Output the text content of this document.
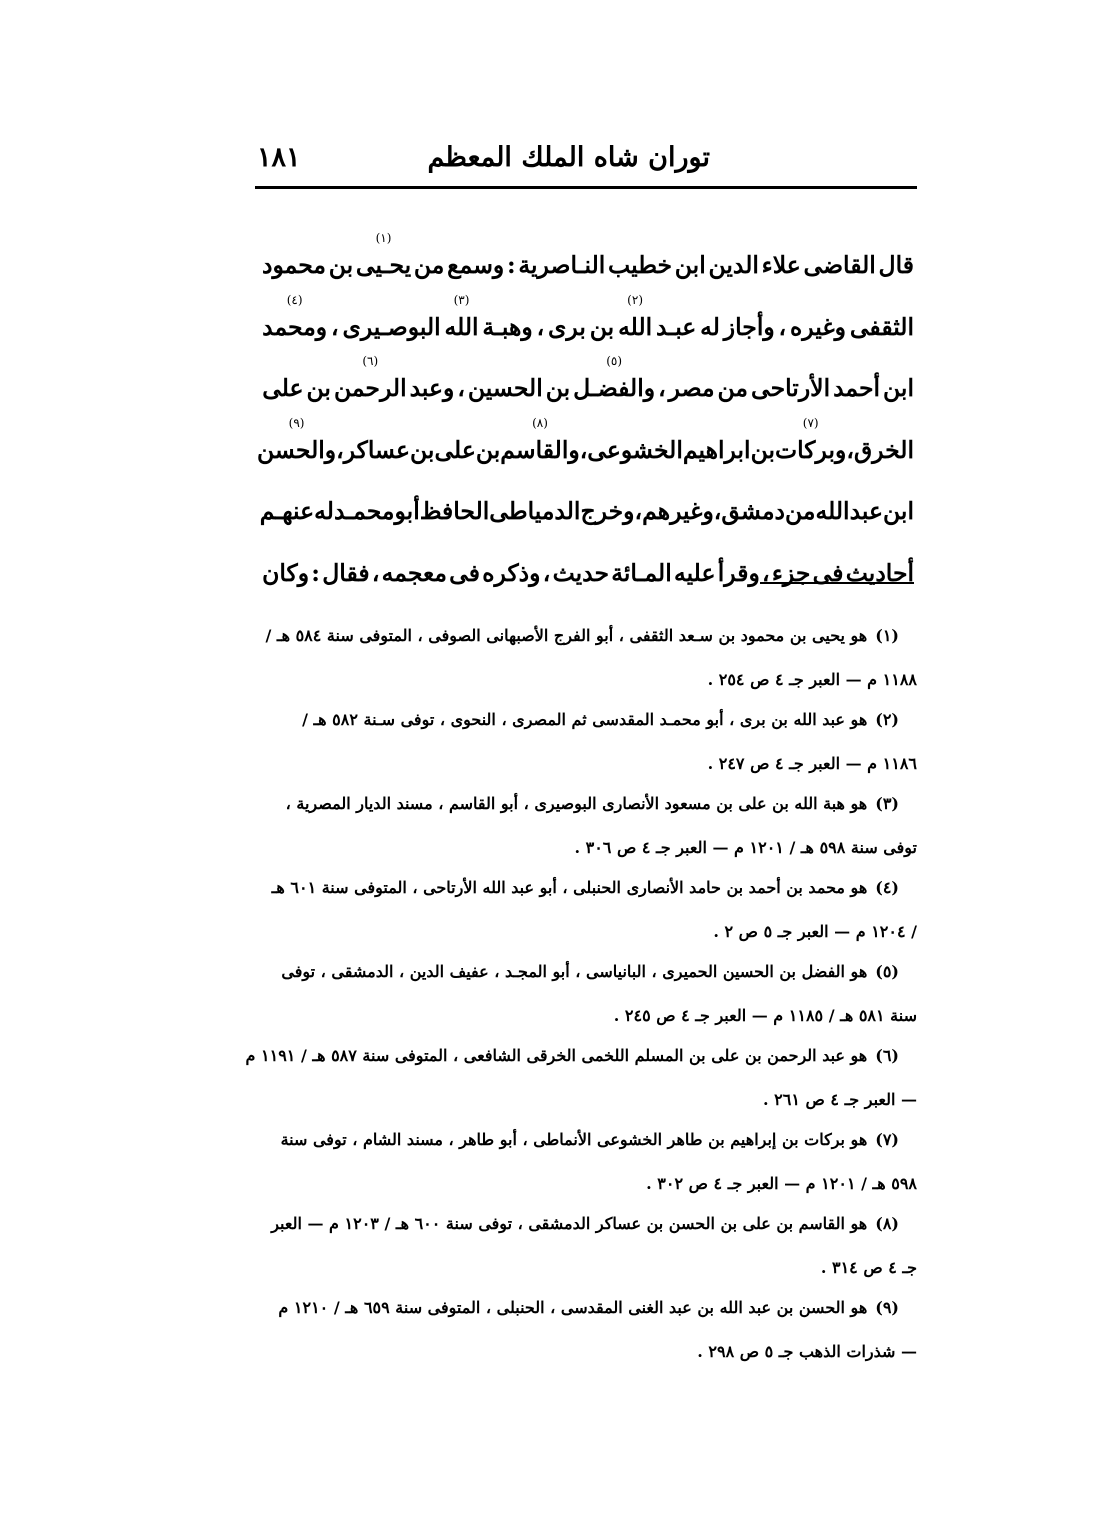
توران شاه الملك المعظم
١٨١
قال
القاضى
علاء
الدين
ابن
خطيب
النـاصرية
:
وسمع
من
يحـيى
(١)
بن
محمود
الثقفى
وغيره
،
وأجاز
له
عبـد
الله
(٢)
بن
برى
،
وهبـة
الله
(٣)
البوصـيرى
،
ومحمد
(٤)
ابن
أحمد
الأرتاحى
من
مصر
،
والفضـل
(٥)
بن
الحسين
،
وعبد
الرحمن
(٦)
بن
على
الخرق
،
وبركات
(٧)
بن
ابراهيم
الخشوعى
،
والقاسم
(٨)
بن
على
بن
عسا
كر
،
والحسن
(٩)
ابن
عبد
الله
من
دمشق
،
وغيرهم
،
وخرج
الدمياطى
الحافظ
أبو
محمـد
له
عنهـم
أحاديث
فى
جزء
،
وقرأ
عليه
المـائة
حديث
،
وذكره
فى
معجمه
،
فقال
:
وكان
(١)
هو يحيى بن محمود بن سـعد الثقفى ، أبو الفرج الأصبهانى الصوفى ، المتوفى سنة ٥٨٤ هـ /
١١٨٨ م — العبر جـ ٤ ص ٢٥٤ .
(٢)
هو عبد الله بن برى ، أبو محمـد المقدسى ثم المصرى ، النحوى ، توفى سـنة ٥٨٢ هـ /
١١٨٦ م — العبر جـ ٤ ص ٢٤٧ .
(٣)
هو هبة الله بن على بن مسعود الأنصارى البوصيرى ، أبو القاسم ، مسند الديار المصرية ،
توفى سنة ٥٩٨ هـ / ١٢٠١ م — العبر جـ ٤ ص ٣٠٦ .
(٤)
هو محمد بن أحمد بن حامد الأنصارى الحنبلى ، أبو عبد الله الأرتاحى ، المتوفى سنة ٦٠١ هـ
/ ١٢٠٤ م — العبر جـ ٥ ص ٢ .
(٥)
هو الفضل بن الحسين الحميرى ، البانياسى ، أبو المجـد ، عفيف الدين ، الدمشقى ، توفى
سنة ٥٨١ هـ / ١١٨٥ م — العبر جـ ٤ ص ٢٤٥ .
(٦)
هو عبد الرحمن بن على بن المسلم اللخمى الخرقى الشافعى ، المتوفى سنة ٥٨٧ هـ / ١١٩١ م
— العبر جـ ٤ ص ٢٦١ .
(٧)
هو بركات بن إبراهيم بن طاهر الخشوعى الأنماطى ، أبو طاهر ، مسند الشام ، توفى سنة
٥٩٨ هـ / ١٢٠١ م — العبر جـ ٤ ص ٣٠٢ .
(٨)
هو القاسم بن على بن الحسن بن عساكر الدمشقى ، توفى سنة ٦٠٠ هـ / ١٢٠٣ م — العبر
جـ ٤ ص ٣١٤ .
(٩)
هو الحسن بن عبد الله بن عبد الغنى المقدسى ، الحنبلى ، المتوفى سنة ٦٥٩ هـ / ١٢١٠ م
— شذرات الذهب جـ ٥ ص ٢٩٨ .
